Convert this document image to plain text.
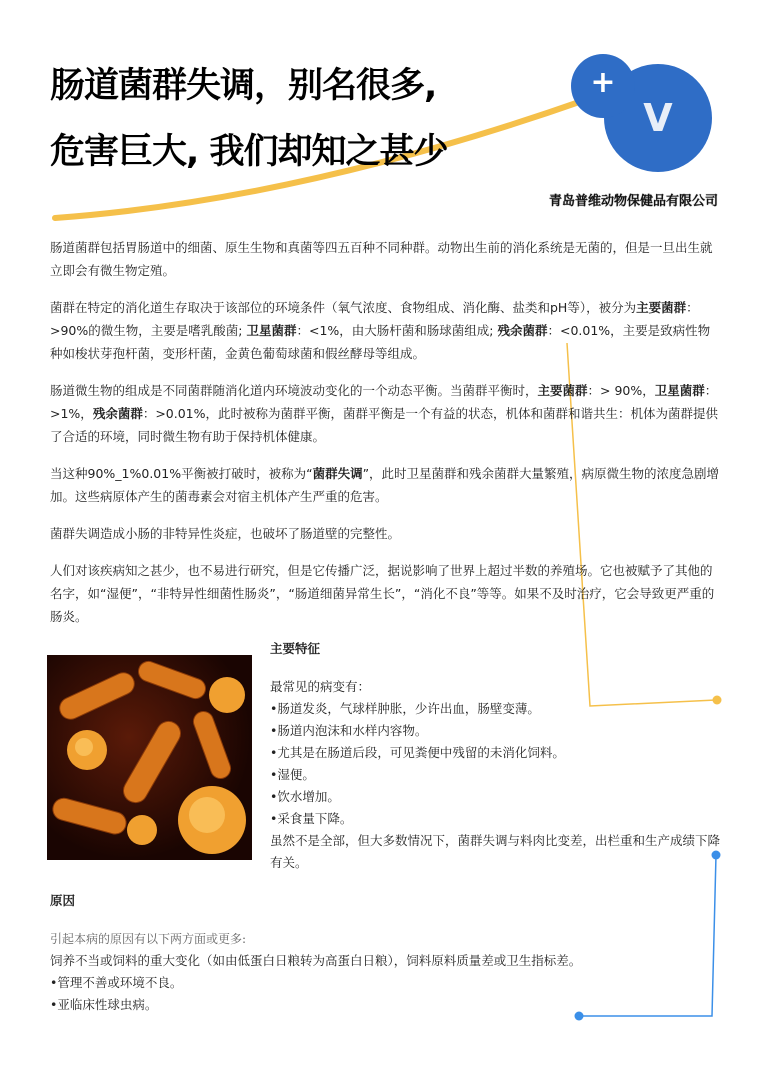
肠道菌群失调，别名很多,
危害巨大, 我们却知之甚少
V
+
青岛普维动物保健品有限公司

肠道菌群包括胃肠道中的细菌、原生生物和真菌等四五百种不同种群。动物出生前的消化系统是无菌的，但是一旦出生就立即会有微生物定殖。

菌群在特定的消化道生存取决于该部位的环境条件（氧气浓度、食物组成、消化酶、盐类和pH等），被分为主要菌群：>90%的微生物，主要是嗜乳酸菌; 卫星菌群：<1%，由大肠杆菌和肠球菌组成; 残余菌群：<0.01%，主要是致病性物种如梭状芽孢杆菌，变形杆菌，金黄色葡萄球菌和假丝酵母等组成。

肠道微生物的组成是不同菌群随消化道内环境波动变化的一个动态平衡。当菌群平衡时，主要菌群：> 90%，卫星菌群：>1%，残余菌群：>0.01%，此时被称为菌群平衡，菌群平衡是一个有益的状态，机体和菌群和谐共生：机体为菌群提供了合适的环境，同时微生物有助于保持机体健康。

当这种90%_1%0.01%平衡被打破时，被称为“菌群失调”，此时卫星菌群和残余菌群大量繁殖，病原微生物的浓度急剧增加。这些病原体产生的菌毒素会对宿主机体产生严重的危害。

菌群失调造成小肠的非特异性炎症，也破坏了肠道壁的完整性。

人们对该疾病知之甚少，也不易进行研究，但是它传播广泛，据说影响了世界上超过半数的养殖场。它也被赋予了其他的名字，如“湿便”，“非特异性细菌性肠炎”，“肠道细菌异常生长”，“消化不良”等等。如果不及时治疗，它会导致更严重的肠炎。

主要特征
最常见的病变有：
•肠道发炎，气球样肿胀，少许出血，肠壁变薄。
•肠道内泡沫和水样内容物。
•尤其是在肠道后段，可见粪便中残留的未消化饲料。
•湿便。
•饮水增加。
•采食量下降。
虽然不是全部，但大多数情况下，菌群失调与料肉比变差，出栏重和生产成绩下降有关。
原因
引起本病的原因有以下两方面或更多:
饲养不当或饲料的重大变化（如由低蛋白日粮转为高蛋白日粮），饲料原料质量差或卫生指标差。
•管理不善或环境不良。
•亚临床性球虫病。
